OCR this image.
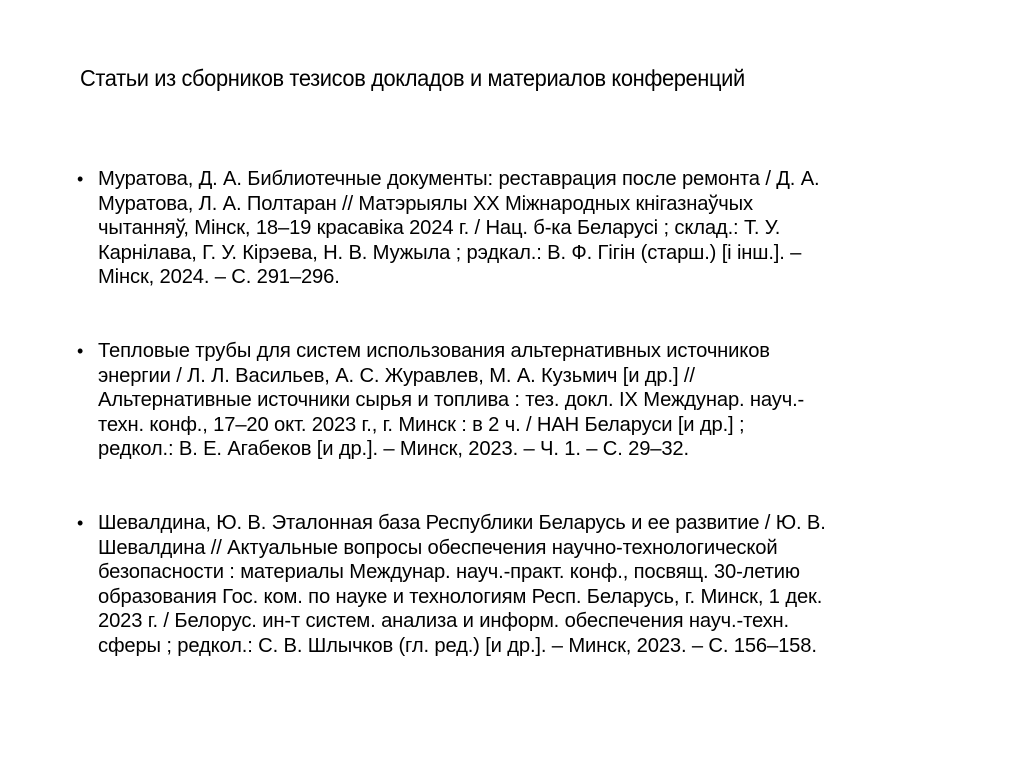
Статьи из сборников тезисов докладов и материалов конференций
• Муратова, Д. А. Библиотечные документы: реставрация после ремонта / Д. А.
Муратова, Л. А. Полтаран // Матэрыялы XX Міжнародных кнігазнаўчых
чытанняў, Мінск, 18–19 красавіка 2024 г. / Нац. б-ка Беларусі ; склад.: Т. У.
Карнілава, Г. У. Кірэева, Н. В. Мужыла ; рэдкал.: В. Ф. Гігін (старш.) [і інш.]. –
Мінск, 2024. – С. 291–296.
• Тепловые трубы для систем использования альтернативных источников
энергии / Л. Л. Васильев, А. С. Журавлев, М. А. Кузьмич [и др.] //
Альтернативные источники сырья и топлива : тез. докл. IX Междунар. науч.-
техн. конф., 17–20 окт. 2023 г., г. Минск : в 2 ч. / НАН Беларуси [и др.] ;
редкол.: В. Е. Агабеков [и др.]. – Минск, 2023. – Ч. 1. – С. 29–32.
• Шевалдина, Ю. В. Эталонная база Республики Беларусь и ее развитие / Ю. В.
Шевалдина // Актуальные вопросы обеспечения научно-технологической
безопасности : материалы Междунар. науч.-практ. конф., посвящ. 30-летию
образования Гос. ком. по науке и технологиям Респ. Беларусь, г. Минск, 1 дек.
2023 г. / Белорус. ин-т систем. анализа и информ. обеспечения науч.-техн.
сферы ; редкол.: С. В. Шлычков (гл. ред.) [и др.]. – Минск, 2023. – С. 156–158.
